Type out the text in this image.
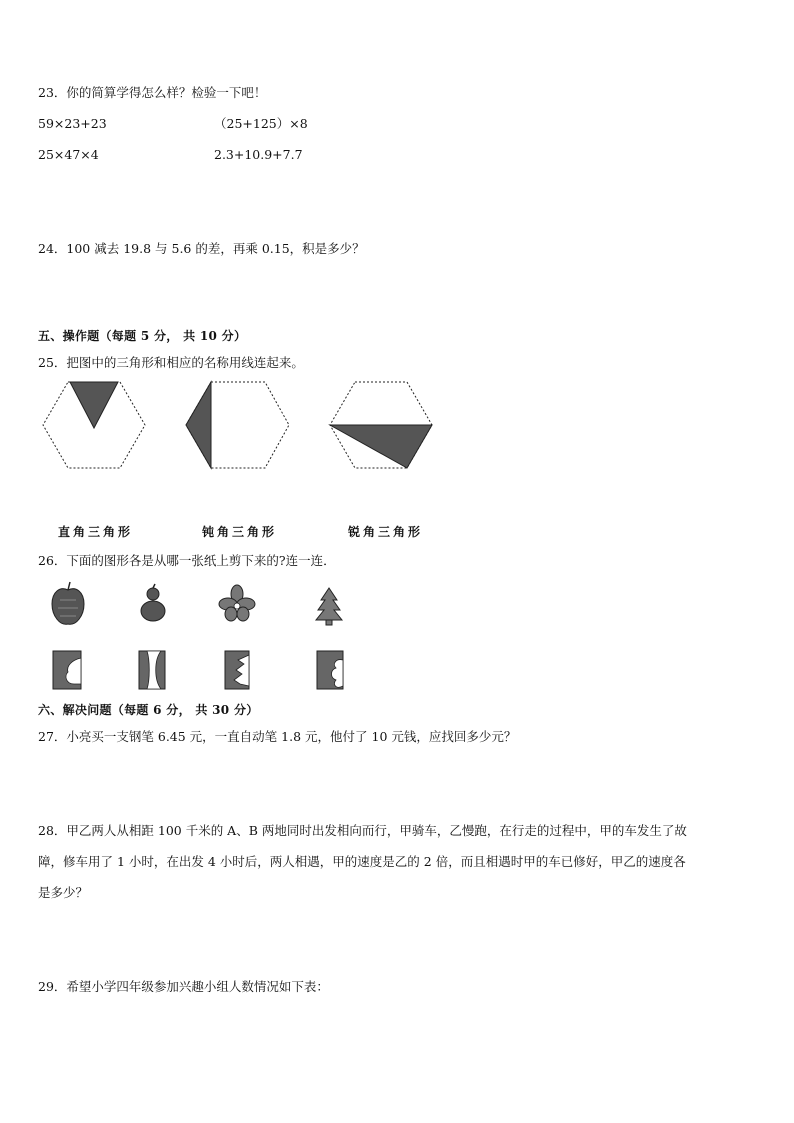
23．你的简算学得怎么样？检验一下吧！
59×23+23	（25+125）×8
25×47×4	2.3+10.9+7.7
24．100 减去 19.8 与 5.6 的差，再乘 0.15，积是多少？
五、操作题（每题 5 分， 共 10 分）
25．把图中的三角形和相应的名称用线连起来。
直角三角形	钝角三角形	锐角三角形
26．下面的图形各是从哪一张纸上剪下来的?连一连．
六、解决问题（每题 6 分， 共 30 分）
27．小亮买一支钢笔 6.45 元，一直自动笔 1.8 元，他付了 10 元钱，应找回多少元？
28．甲乙两人从相距 100 千米的 A、B 两地同时出发相向而行，甲骑车，乙慢跑，在行走的过程中，甲的车发生了故
障，修车用了 1 小时，在出发 4 小时后，两人相遇，甲的速度是乙的 2 倍，而且相遇时甲的车已修好，甲乙的速度各
是多少？
29．希望小学四年级参加兴趣小组人数情况如下表：
